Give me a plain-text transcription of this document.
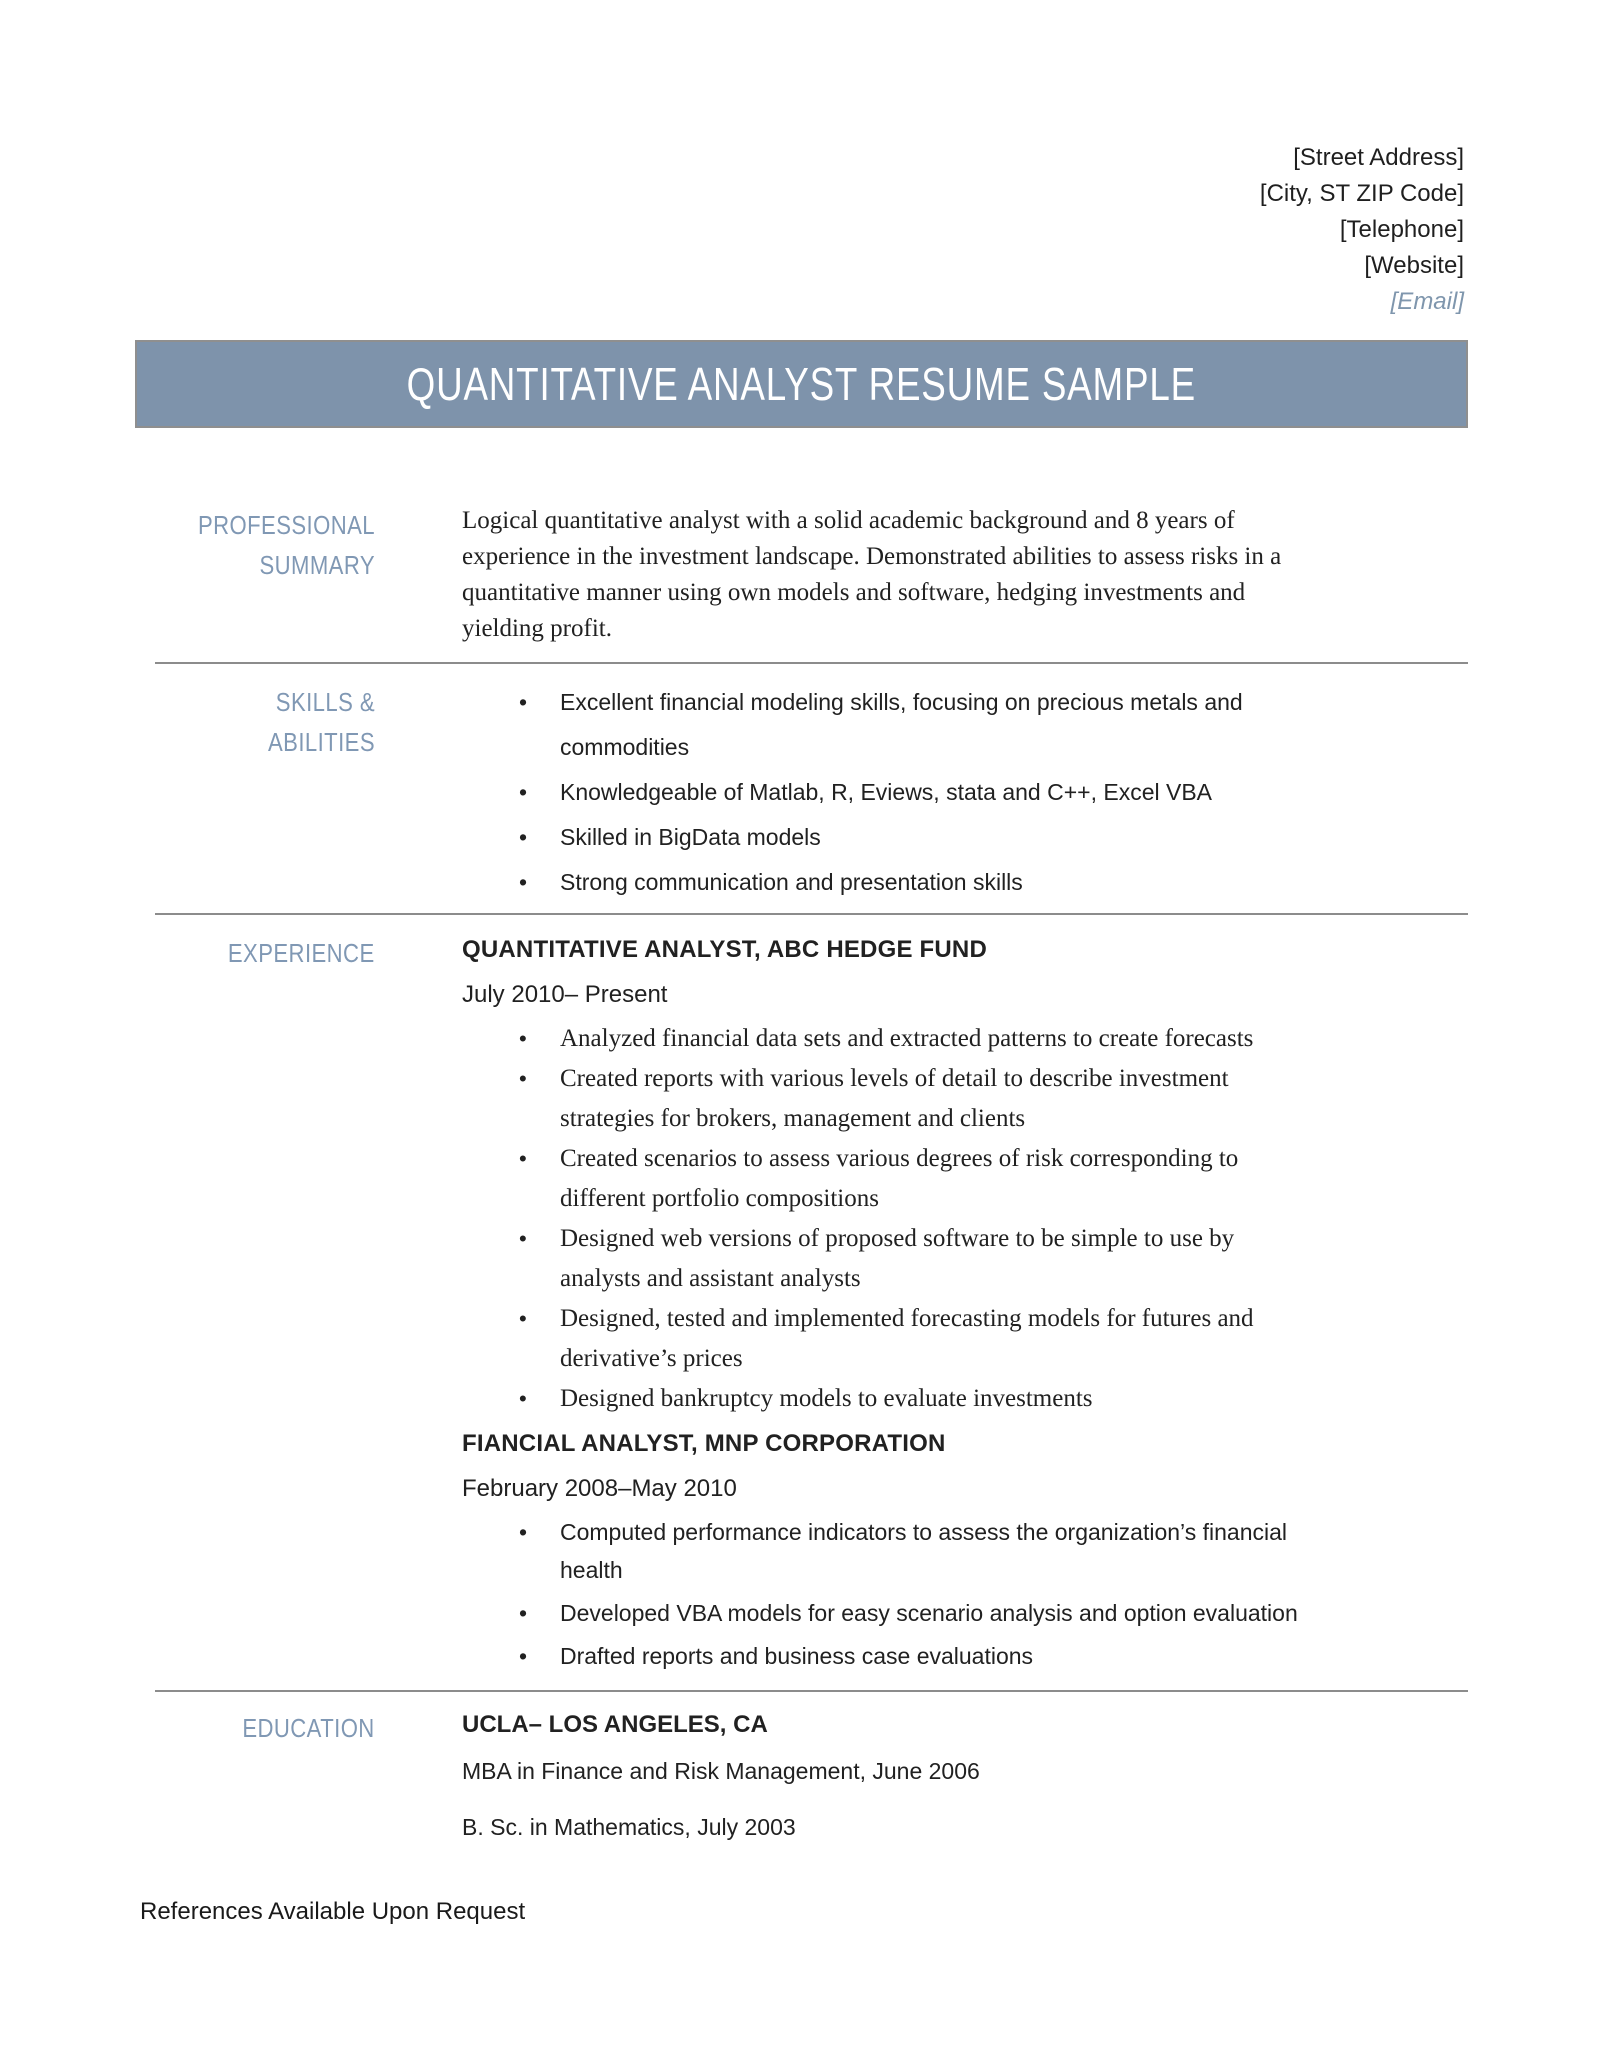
[Street Address]
[City, ST ZIP Code]
[Telephone]
[Website]
[Email]
QUANTITATIVE ANALYST RESUME SAMPLE
PROFESSIONAL SUMMARY
Logical quantitative analyst with a solid academic background and 8 years of experience in the investment landscape. Demonstrated abilities to assess risks in a quantitative manner using own models and software, hedging investments and yielding profit.
SKILLS & ABILITIES
• Excellent financial modeling skills, focusing on precious metals and commodities
• Knowledgeable of Matlab, R, Eviews, stata and C++, Excel VBA
• Skilled in BigData models
• Strong communication and presentation skills
EXPERIENCE	QUANTITATIVE ANALYST, ABC HEDGE FUND

July 2010– Present

• Analyzed financial data sets and extracted patterns to create forecasts
• Created reports with various levels of detail to describe investment strategies for brokers, management and clients
• Created scenarios to assess various degrees of risk corresponding to different portfolio compositions
• Designed web versions of proposed software to be simple to use by analysts and assistant analysts
• Designed, tested and implemented forecasting models for futures and derivative’s prices
• Designed bankruptcy models to evaluate investments

FIANCIAL ANALYST, MNP CORPORATION

February 2008–May 2010

• Computed performance indicators to assess the organization’s financial health
• Developed VBA models for easy scenario analysis and option evaluation
• Drafted reports and business case evaluations
EDUCATION	UCLA– LOS ANGELES, CA

MBA in Finance and Risk Management, June 2006

B. Sc. in Mathematics, July 2003

References Available Upon Request
